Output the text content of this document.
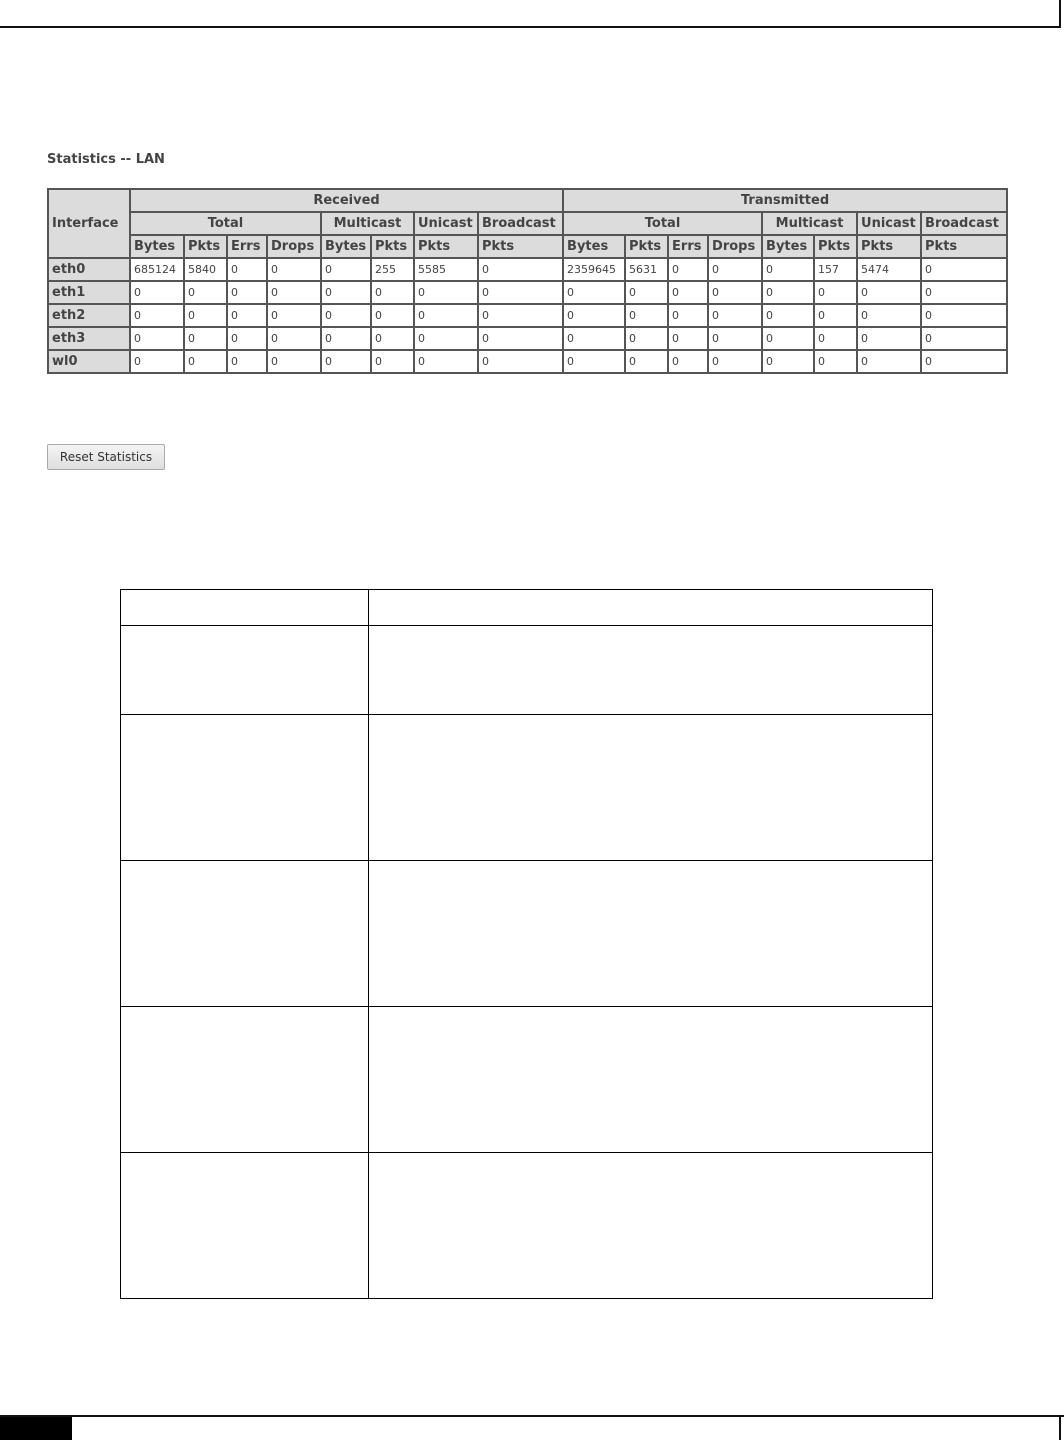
Statistics -- LAN
Interface	Received								Transmitted							
	Total				Multicast		Unicast	Broadcast	Total				Multicast		Unicast	Broadcast
	Bytes	Pkts	Errs	Drops	Bytes	Pkts	Pkts	Pkts	Bytes	Pkts	Errs	Drops	Bytes	Pkts	Pkts	Pkts
eth0	685124	5840	0	0	0	255	5585	0	2359645	5631	0	0	0	157	5474	0
eth1	0	0	0	0	0	0	0	0	0	0	0	0	0	0	0	0
eth2	0	0	0	0	0	0	0	0	0	0	0	0	0	0	0	0
eth3	0	0	0	0	0	0	0	0	0	0	0	0	0	0	0	0
wl0	0	0	0	0	0	0	0	0	0	0	0	0	0	0	0	0
Reset Statistics
